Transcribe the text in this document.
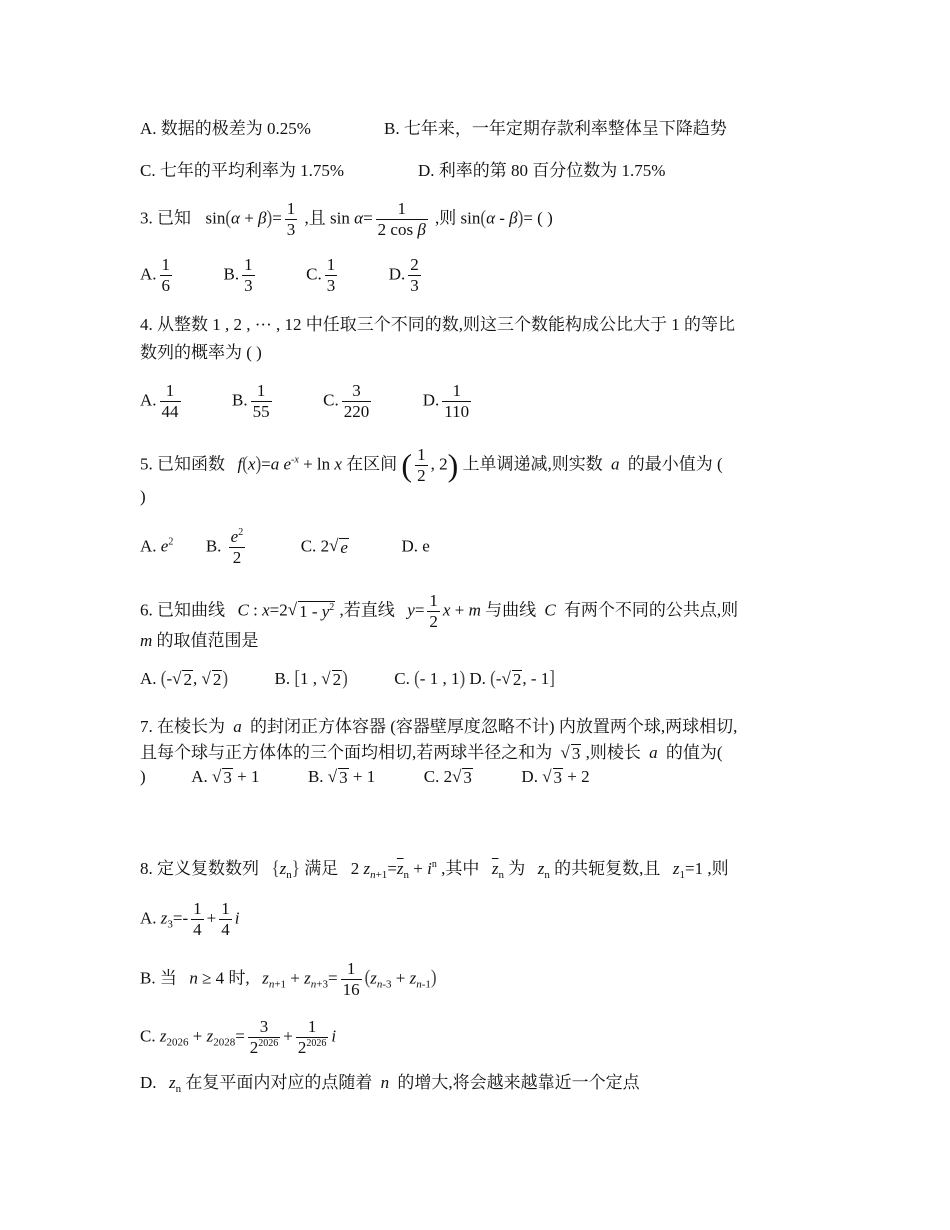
A. 数据的极差为 0.25%	B. 七年来，一年定期存款利率整体呈下降趋势
C. 七年的平均利率为 1.75%	D. 利率的第 80 百分位数为 1.75%
3. 已知 $\sin(\alpha + \beta)= \frac{1}{3}$ ,且 $\sin \alpha= \frac{1}{\text{2 cos β}}$ ,则 sin(α - β)= ( )
A. $\frac{1}{6}$	B. $\frac{1}{3}$	C. $\frac{1}{3}$	D. $\frac{2}{3}$
4. 从整数 1 , 2 , ··· , 12 中任取三个不同的数,则这三个数能构成公比大于 1 的等比
数列的概率为 ( )
A. $\frac{1}{44}$	B. $\frac{1}{55}$	C. $\frac{3}{220}$	D. $\frac{1}{110}$
5. 已知函数 f(x)=a $e^{-x} + \ln x$ 在区间 ( $\frac{1}{2}$ , 2) 上单调递减,则实数 a 的最小值为 (
)
A. $e^2$ B. $\frac{e^2}{2}$	C. 2 √ e	D. e
6. 已知曲线 C : x=2 √ $1 - y^2$ ,若直线 $y= \frac{1}{2}$ x + m 与曲线 C 有两个不同的公共点,则
m 的取值范围是
A. (- √ 2 , √ 2 )	B. [1 , √ 2 )	C. (- 1 , 1) D. (- √ 2 , - 1]
7. 在棱长为 a 的封闭正方体容器 (容器壁厚度忽略不计) 内放置两个球,两球相切,
且每个球与正方体体的三个面均相切,若两球半径之和为 √ 3 ,则棱长 a 的值为(
)	A. √ 3 + 1	B. √ 3 + 1	C. 2 √ 3	D. √ 3 + 2
8. 定义复数数列 $\{z_n\}$ 满足  2 $z_{n+1}=\overline{z}_n + i^n$ ,其中 $\overline{z}_n$ 为 $z_n$ 的共轭复数,且 $z_1=1$ ,则
A. $z_3=- \frac{1}{4} + \frac{1}{4}$ i
B. 当 n ≥ 4 时, $z_{n+1} + z_{n+3}= \frac{1}{16} (z_{n-3} + z_{n-1})$
C. $z_{2026} + z_{2028}= \frac{3}{2^{2026}} + \frac{1}{2^{2026}}$ i
D. $z_n$ 在复平面内对应的点随着 n 的增大,将会越来越靠近一个定点
